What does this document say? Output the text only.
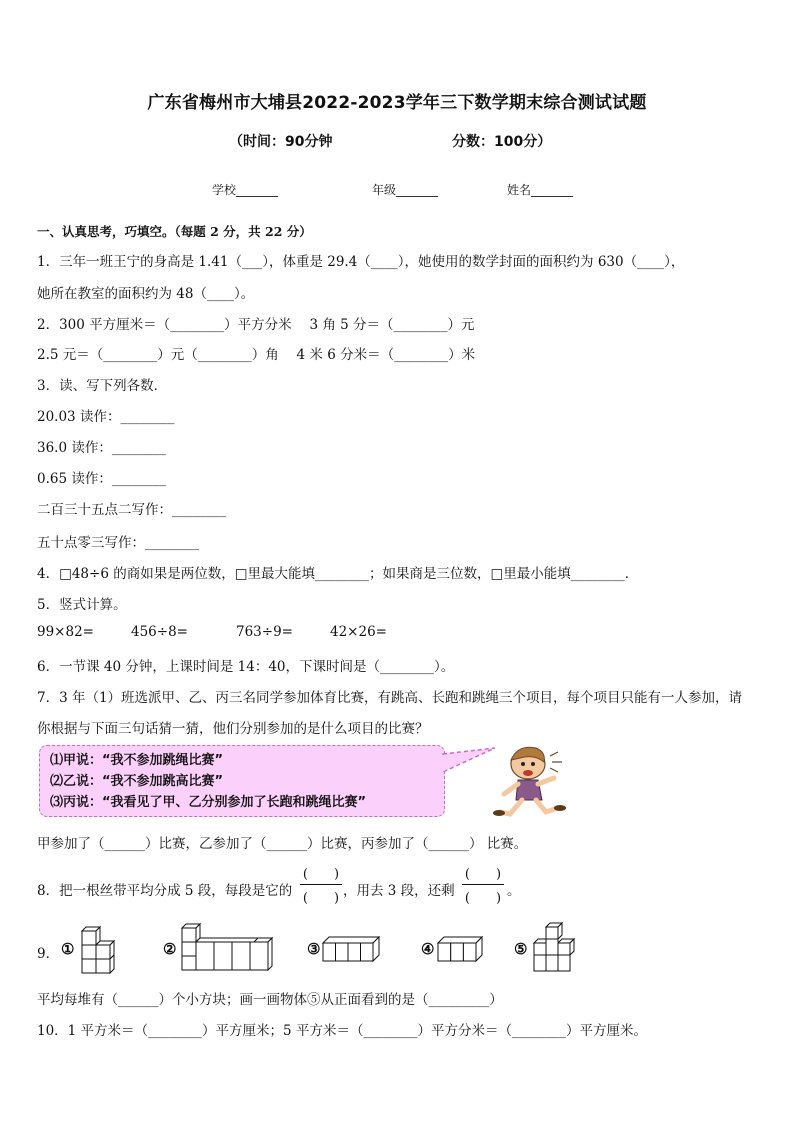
广东省梅州市大埔县2022-2023学年三下数学期末综合测试试题
（时间：90分钟	分数：100分）
学校_______	年级_______	姓名_______
一、认真思考，巧填空。（每题 2 分，共 22 分）
1．三年一班王宁的身高是 1.41（___），体重是 29.4（____），她使用的数学封面的面积约为 630（____），
她所在教室的面积约为 48（____）。
2．300 平方厘米＝（________）平方分米　 3 角 5 分＝（________）元
2.5 元＝（________）元（________）角　 4 米 6 分米＝（________）米
3．读、写下列各数．
20.03 读作：________
36.0 读作：________
0.65 读作：________
二百三十五点二写作：________
五十点零三写作：________
4．□48÷6 的商如果是两位数，□里最大能填________；如果商是三位数，□里最小能填________．
5．竖式计算。
99×82=	456÷8=	763÷9=	42×26=
6．一节课 40 分钟，上课时间是 14：40，下课时间是（________）。
7．3 年（1）班选派甲、乙、丙三名同学参加体育比赛，有跳高、长跑和跳绳三个项目，每个项目只能有一人参加，请
你根据与下面三句话猜一猜，他们分别参加的是什么项目的比赛？
⑴甲说：“我不参加跳绳比赛”
⑵乙说：“我不参加跳高比赛”
⑶丙说：“我看见了甲、乙分别参加了长跑和跳绳比赛”
甲参加了（______）比赛，乙参加了（______）比赛，丙参加了（______） 比赛。
8．把一根丝带平均分成 5 段，每段是它的
(　　)
(　　) ，用去 3 段，还剩
(　　)
(　　) 。
9． ①	②	③	④	⑤
平均每堆有（______）个小方块；画一画物体⑤从正面看到的是（_________）
10．1 平方米＝（________）平方厘米；5 平方米＝（________）平方分米＝（________）平方厘米。
